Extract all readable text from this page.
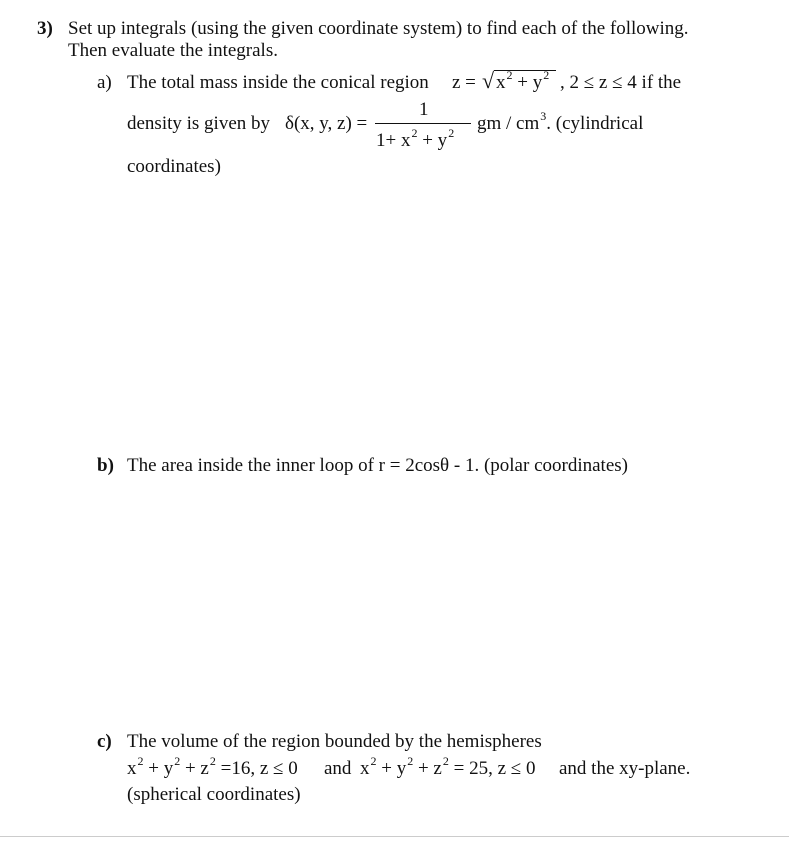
3) Set up integrals (using the given coordinate system) to find each of the following.
Then evaluate the integrals.
a) The total mass inside the conical region z = √ $x^2 + y^2$ , 2 ≤ z ≤ 4 if the
density is given by δ(x, y, z) =
1
$1+ x^2 + y^2$ gm / $cm^3$. (cylindrical
coordinates)
b) The area inside the inner loop of r = 2cosθ - 1. (polar coordinates)
c) The volume of the region bounded by the hemispheres
$x^2 + y^2 + z^2 =16$, z ≤ 0 and $x^2 + y^2 + z^2 = 25$, z ≤ 0 and the xy-plane.
(spherical coordinates)
